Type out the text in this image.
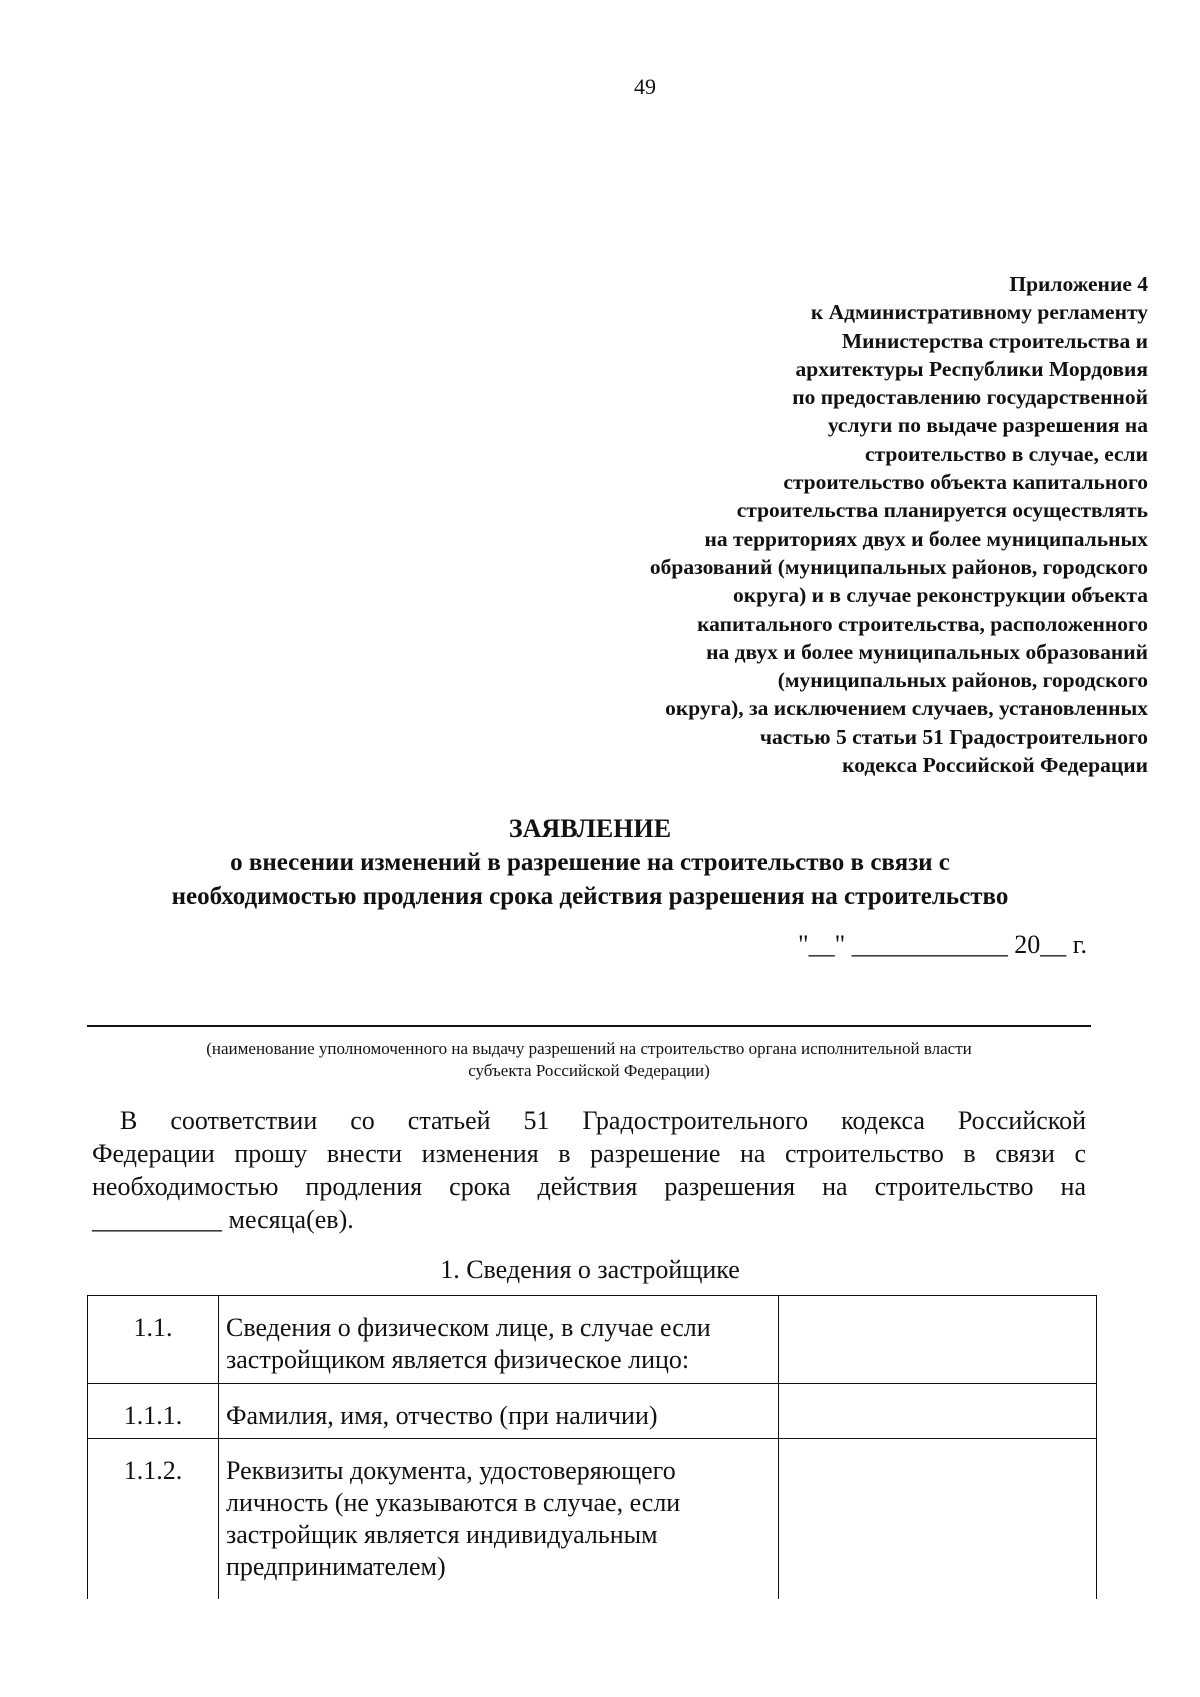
49
Приложение 4
к Административному регламенту
Министерства строительства и
архитектуры Республики Мордовия
по предоставлению государственной
услуги по выдаче разрешения на
строительство в случае, если
строительство объекта капитального
строительства планируется осуществлять
на территориях двух и более муниципальных
образований (муниципальных районов, городского
округа) и в случае реконструкции объекта
капитального строительства, расположенного
на двух и более муниципальных образований
(муниципальных районов, городского
округа), за исключением случаев, установленных
частью 5 статьи 51 Градостроительного
кодекса Российской Федерации
ЗАЯВЛЕНИЕ
о внесении изменений в разрешение на строительство в связи с
необходимостью продления срока действия разрешения на строительство
"__" ____________ 20__ г.
(наименование уполномоченного на выдачу разрешений на строительство органа исполнительной власти
субъекта Российской Федерации)
В соответствии со статьей 51 Градостроительного кодекса Российской
Федерации прошу внести изменения в разрешение на строительство в связи с
необходимостью продления срока действия разрешения на строительство на
__________ месяца(ев).
1. Сведения о застройщике
1.1.	Сведения о физическом лице, в случае если
застройщиком является физическое лицо:	

1.1.1.	Фамилия, имя, отчество (при наличии)	

1.1.2.	Реквизиты документа, удостоверяющего
личность (не указываются в случае, если
застройщик является индивидуальным
предпринимателем)	
